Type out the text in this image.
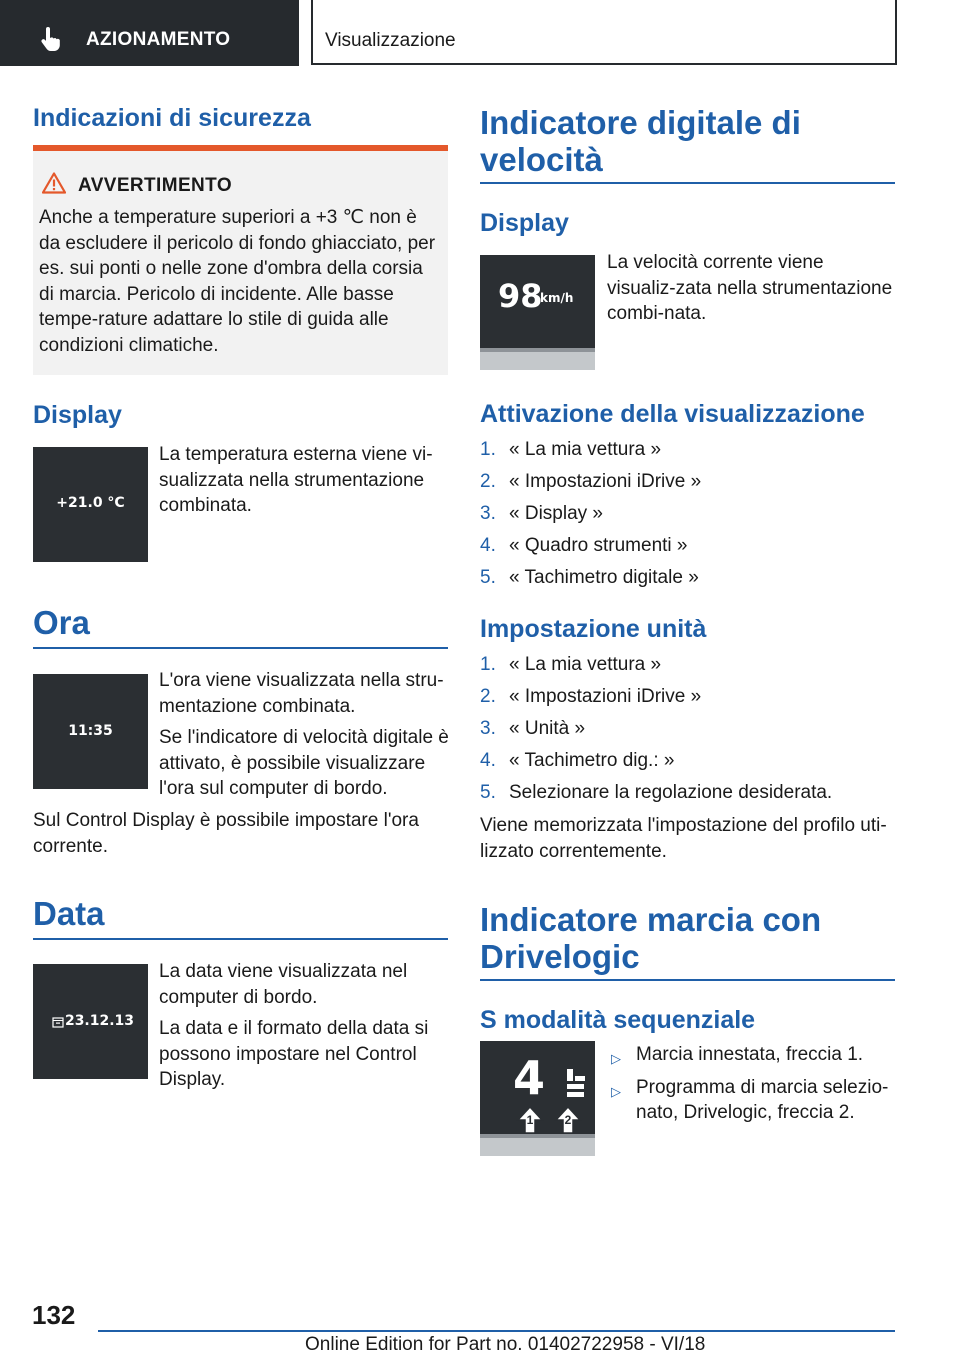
AZIONAMENTO	Visualizzazione
Indicazioni di sicurezza
AVVERTIMENTO
Anche a temperature superiori a +3 ℃ non è da escludere il pericolo di fondo ghiacciato, per es. sui ponti o nelle zone d'ombra della corsia di marcia. Pericolo di incidente. Alle basse tempe-rature adattare lo stile di guida alle condizioni climatiche.
Display
+21.0 °C
La temperatura esterna viene vi-sualizzata nella strumentazione combinata.
Ora
11:35
L'ora viene visualizzata nella stru-mentazione combinata.
Se l'indicatore di velocità digitale è attivato, è possibile visualizzare l'ora sul computer di bordo.
Sul Control Display è possibile impostare l'ora corrente.
Data
23.12.13
La data viene visualizzata nel computer di bordo.
La data e il formato della data si possono impostare nel Control Display.
Indicatore digitale di velocità
Display
98
km/h
La velocità corrente viene visualiz-zata nella strumentazione combi-nata.
Attivazione della visualizzazione
1. « La mia vettura »
2. « Impostazioni iDrive »
3. « Display »
4. « Quadro strumenti »
5. « Tachimetro digitale »
Impostazione unità
1. « La mia vettura »
2. « Impostazioni iDrive »
3. « Unità »
4. « Tachimetro dig.: »
5. Selezionare la regolazione desiderata.
Viene memorizzata l'impostazione del profilo uti-lizzato correntemente.
Indicatore marcia con Drivelogic
S modalità sequenziale
4
1	2
▷ Marcia innestata, freccia 1.
▷ Programma di marcia selezio-nato, Drivelogic, freccia 2.
132
Online Edition for Part no. 01402722958 - VI/18
